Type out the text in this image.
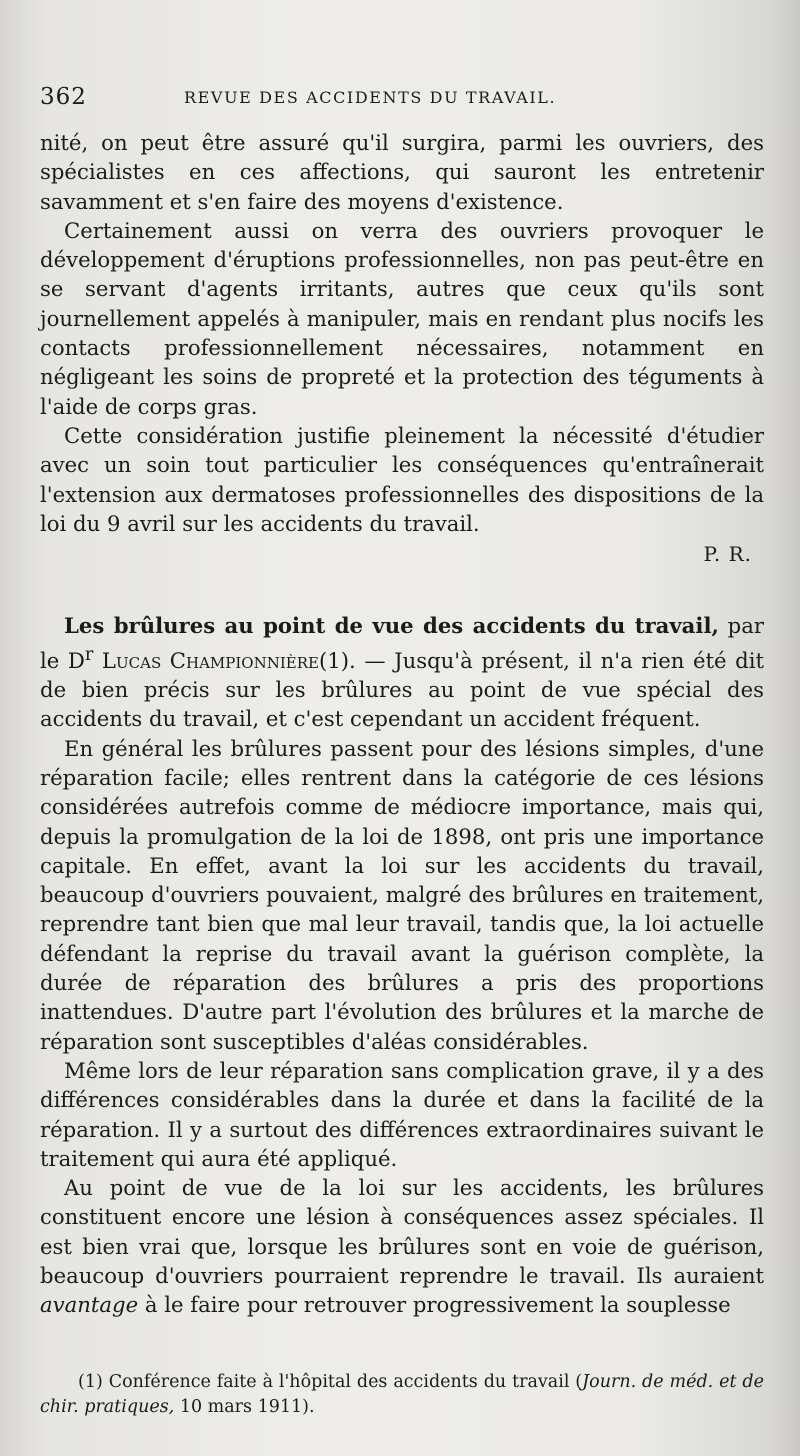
362	REVUE DES ACCIDENTS DU TRAVAIL.

nité, on peut être assuré qu'il surgira, parmi les ouvriers, des spécialistes en ces affections, qui sauront les entretenir savamment et s'en faire des moyens d'existence.

Certainement aussi on verra des ouvriers provoquer le développement d'éruptions professionnelles, non pas peut-être en se servant d'agents irritants, autres que ceux qu'ils sont journellement appelés à manipuler, mais en rendant plus nocifs les contacts professionnellement nécessaires, notamment en négligeant les soins de propreté et la protection des téguments à l'aide de corps gras.

Cette considération justifie pleinement la nécessité d'étudier avec un soin tout particulier les conséquences qu'entraînerait l'extension aux dermatoses professionnelles des dispositions de la loi du 9 avril sur les accidents du travail.

P. R.

Les brûlures au point de vue des accidents du travail, par le $D^r$ Lucas Championnière(1). — Jusqu'à présent, il n'a rien été dit de bien précis sur les brûlures au point de vue spécial des accidents du travail, et c'est cependant un accident fréquent.

En général les brûlures passent pour des lésions simples, d'une réparation facile; elles rentrent dans la catégorie de ces lésions considérées autrefois comme de médiocre importance, mais qui, depuis la promulgation de la loi de 1898, ont pris une importance capitale. En effet, avant la loi sur les accidents du travail, beaucoup d'ouvriers pouvaient, malgré des brûlures en traitement, reprendre tant bien que mal leur travail, tandis que, la loi actuelle défendant la reprise du travail avant la guérison complète, la durée de réparation des brûlures a pris des proportions inattendues. D'autre part l'évolution des brûlures et la marche de réparation sont susceptibles d'aléas considérables.

Même lors de leur réparation sans complication grave, il y a des différences considérables dans la durée et dans la facilité de la réparation. Il y a surtout des différences extraordinaires suivant le traitement qui aura été appliqué.

Au point de vue de la loi sur les accidents, les brûlures constituent encore une lésion à conséquences assez spéciales. Il est bien vrai que, lorsque les brûlures sont en voie de guérison, beaucoup d'ouvriers pourraient reprendre le travail. Ils auraient avantage à le faire pour retrouver progressivement la souplesse

(1) Conférence faite à l'hôpital des accidents du travail (Journ. de méd. et de chir. pratiques, 10 mars 1911).
